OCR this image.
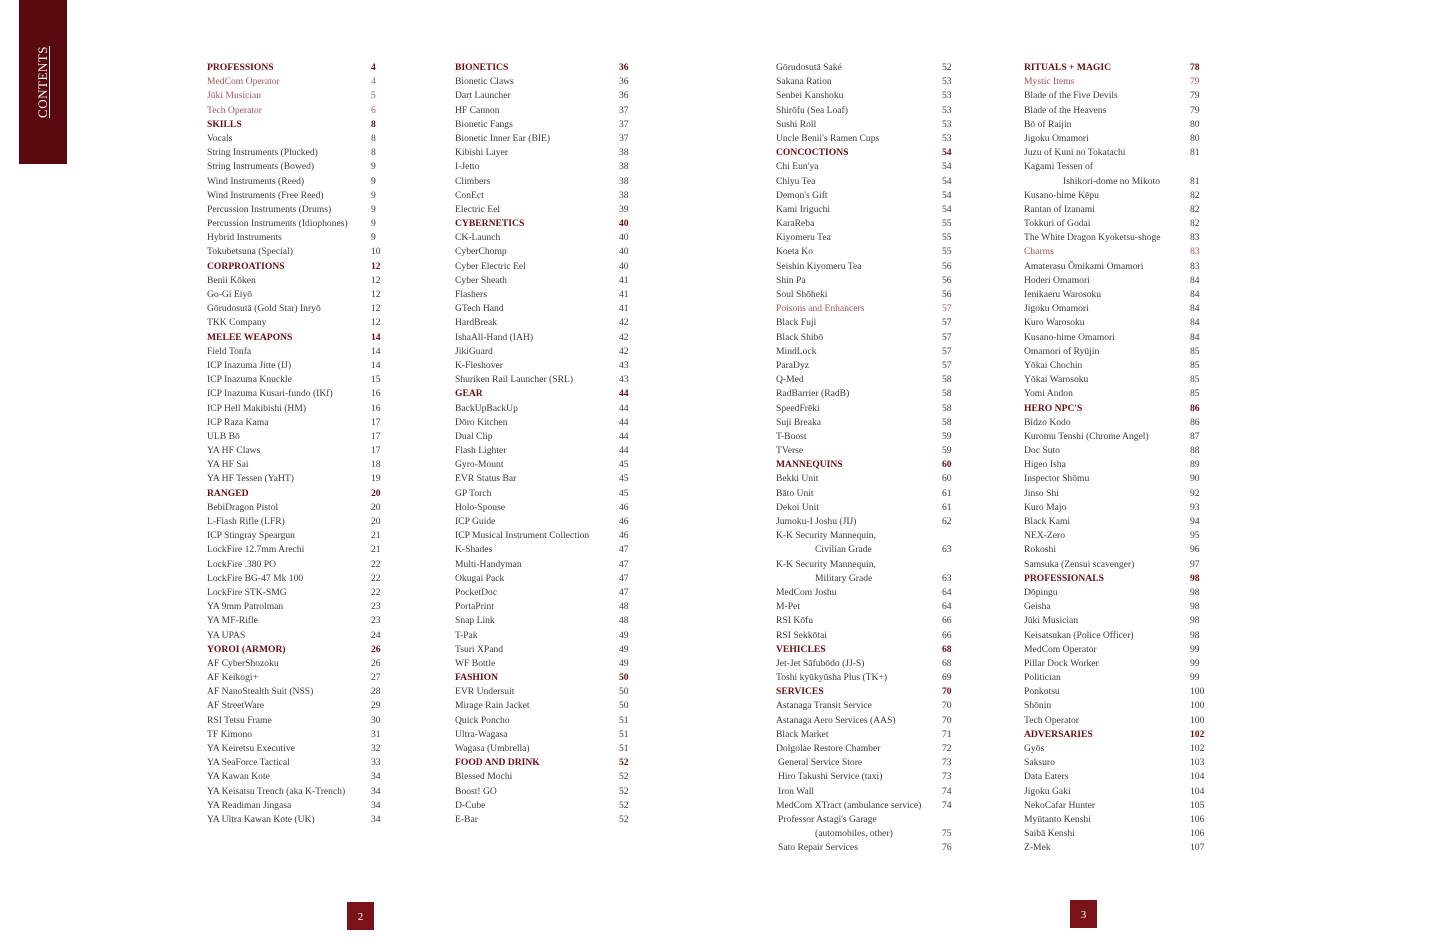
CONTENTS	PROFESSIONS	4
MedCom Operator	4
Jūki Musician	5
Tech Operator	6
SKILLS	8
Vocals	8
String Instruments (Plucked)	8
String Instruments (Bowed)	9
Wind Instruments (Reed)	9
Wind Instruments (Free Reed)	9
Percussion Instruments (Drums)	9
Percussion Instruments (Idiophones)	9
Hybrid Instruments	9
Tokubetsuna (Special)	10
CORPROATIONS	12
Benii Kōken	12
Go-Gi Eiyō	12
Gōrudosutā (Gold Star) Inryō	12
TKK Company	12
MELEE WEAPONS	14
Field Tonfa	14
ICP Inazuma Jitte (IJ)	14
ICP Inazuma Knuckle	15
ICP Inazuma Kusari-fundo (IKf)	16
ICP Hell Makibishi (HM)	16
ICP Raza Kama	17
ULB Bō	17
YA HF Claws	17
YA HF Sai	18
YA HF Tessen (YaHT)	19
RANGED	20
BebiDragon Pistol	20
L-Flash Rifle (LFR)	20
ICP Stingray Speargun	21
LockFire 12.7mm Arechi	21
LockFire .380 PO	22
LockFire BG-47 Mk 100	22
LockFire STK-SMG	22
YA 9mm Patrolman	23
YA MF-Rifle	23
YA UPAS	24
YOROI (ARMOR)	26
AF CyberShozoku	26
AF Keikogi+	27
AF NanoStealth Suit (NSS)	28
AF StreetWare	29
RSI Tetsu Frame	30
TF Kimono	31
YA Keiretsu Executive	32
YA SeaForce Tactical	33
YA Kawan Kote	34
YA Keisatsu Trench (aka K-Trench)	34
YA Readiman Jingasa	34
YA Ultra Kawan Kote (UK)	34
BIONETICS	36
Bionetic Claws	36
Dart Launcher	36
HF Cannon	37
Bionetic Fangs	37
Bionetic Inner Ear (BIE)	37
Kibishi Layer	38
I-Jetto	38
Climbers	38
ConEct	38
Electric Eel	39
CYBERNETICS	40
CK-Launch	40
CyberChomp	40
Cyber Electric Eel	40
Cyber Sheath	41
Flashers	41
GTech Hand	41
HardBreak	42
IshaAll-Hand (IAH)	42
JikiGuard	42
K-Fleshover	43
Shuriken Rail Launcher (SRL)	43
GEAR	44
BackUpBackUp	44
Dōro Kitchen	44
Dual Clip	44
Flash Lighter	44
Gyro-Mount	45
EVR Status Bar	45
GP Torch	45
Holo-Spouse	46
ICP Guide	46
ICP Musical Instrument Collection	46
K-Shades	47
Multi-Handyman	47
Okugai Pack	47
PocketDoc	47
PortaPrint	48
Snap Link	48
T-Pak	49
Tsuri XPand	49
WF Bottle	49
FASHION	50
EVR Undersuit	50
Mirage Rain Jacket	50
Quick Poncho	51
Ultra-Wagasa	51
Wagasa (Umbrella)	51
FOOD AND DRINK	52
Blessed Mochi	52
Boost! GO	52
D-Cube	52
E-Bar	52
Gōrudosutā Saké	52
Sakana Ration	53
Senbei Kanshoku	53
Shirōfu (Sea Loaf)	53
Sushi Roll	53
Uncle Benii's Ramen Cups	53
CONCOCTIONS	54
Chi Eun'ya	54
Chiyu Tea	54
Demon's Gift	54
Kami Iriguchi	54
KaraReba	55
Kiyomeru Tea	55
Koeta Ko	55
Seishin Kiyomeru Tea	56
Shin Pa	56
Soul Shōheki	56
Poisons and Enhancers	57
Black Fuji	57
Black Shibō	57
MindLock	57
ParaDyz	57
Q-Med	58
RadBarrier (RadB)	58
SpeedFrēki	58
Suji Breaka	58
T-Boost	59
TVerse	59
MANNEQUINS	60
Bekki Unit	60
Bāto Unit	61
Dekoi Unit	61
Jumoku-I Joshu (JIJ)	62
K-K Security Mannequin,
Civilian Grade	63
K-K Security Mannequin,
Military Grade	63
MedCom Joshu	64
M-Pet	64
RSI Kōfu	66
RSI Sekkōtai	66
VEHICLES	68
Jet-Jet Sāfubōdo (JJ-S)	68
Toshi kyūkyūsha Plus (TK+)	69
SERVICES	70
Astanaga Transit Service	70
Astanaga Aero Services (AAS)	70
Black Market	71
Dolgolae Restore Chamber	72
General Service Store	73
Hiro Takushi Service (taxi)	73
Iron Wall	74
MedCom XTract (ambulance service)	74
Professor Astagi's Garage
(automobiles, other)	75
Sato Repair Services	76
RITUALS + MAGIC	78
Mystic Items	79
Blade of the Five Devils	79
Blade of the Heavens	79
Bō of Raijin	80
Jigoku Omamori	80
Juzu of Kuni no Tokatachi	81
Kagami Tessen of
Ishikori-dome no Mikoto	81
Kusano-hime Kēpu	82
Rantan of Izanami	82
Tokkuri of Godai	82
The White Dragon Kyoketsu-shoge	83
Charms	83
Amaterasu Ōmikami Omamori	83
Hoderi Omamori	84
Ienikaeru Warosoku	84
Jigoku Omamori	84
Kuro Warosoku	84
Kusano-hime Omamori	84
Omamori of Ryūjin	85
Yōkai Chochin	85
Yōkai Warosoku	85
Yomi Andon	85
HERO NPC'S	86
Bidzo Kodo	86
Kuromu Tenshi (Chrome Angel)	87
Doc Suto	88
Higeo Isha	89
Inspector Shōmu	90
Jinso Shi	92
Kuro Majo	93
Black Kami	94
NEX-Zero	95
Rokoshi	96
Samsuka (Zensui scavenger)	97
PROFESSIONALS	98
Dōpingu	98
Geisha	98
Jūki Musician	98
Keisatsukan (Police Officer)	98
MedCom Operator	99
Pillar Dock Worker	99
Politician	99
Ponkotsu	100
Shōnin	100
Tech Operator	100
ADVERSARIES	102
Gyōs	102
Saksuro	103
Data Eaters	104
Jigoku Gaki	104
NekoCafar Hunter	105
Myūtanto Kenshi	106
Saibā Kenshi	106
Z-Mek	107
2	3
